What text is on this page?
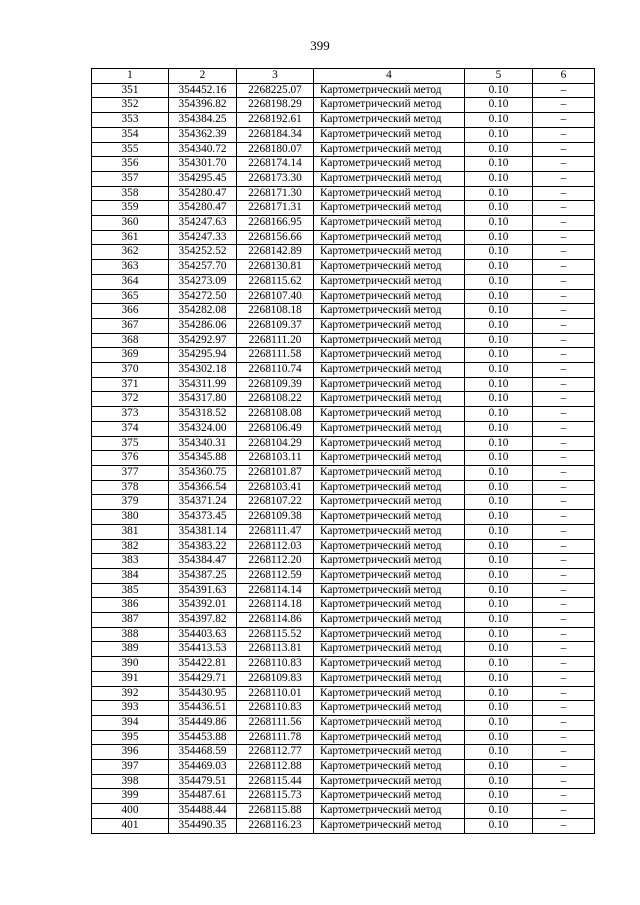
399
1	2	3	4	5	6
351	354452.16	2268225.07	Картометрический метод	0.10	–
352	354396.82	2268198.29	Картометрический метод	0.10	–
353	354384.25	2268192.61	Картометрический метод	0.10	–
354	354362.39	2268184.34	Картометрический метод	0.10	–
355	354340.72	2268180.07	Картометрический метод	0.10	–
356	354301.70	2268174.14	Картометрический метод	0.10	–
357	354295.45	2268173.30	Картометрический метод	0.10	–
358	354280.47	2268171.30	Картометрический метод	0.10	–
359	354280.47	2268171.31	Картометрический метод	0.10	–
360	354247.63	2268166.95	Картометрический метод	0.10	–
361	354247.33	2268156.66	Картометрический метод	0.10	–
362	354252.52	2268142.89	Картометрический метод	0.10	–
363	354257.70	2268130.81	Картометрический метод	0.10	–
364	354273.09	2268115.62	Картометрический метод	0.10	–
365	354272.50	2268107.40	Картометрический метод	0.10	–
366	354282.08	2268108.18	Картометрический метод	0.10	–
367	354286.06	2268109.37	Картометрический метод	0.10	–
368	354292.97	2268111.20	Картометрический метод	0.10	–
369	354295.94	2268111.58	Картометрический метод	0.10	–
370	354302.18	2268110.74	Картометрический метод	0.10	–
371	354311.99	2268109.39	Картометрический метод	0.10	–
372	354317.80	2268108.22	Картометрический метод	0.10	–
373	354318.52	2268108.08	Картометрический метод	0.10	–
374	354324.00	2268106.49	Картометрический метод	0.10	–
375	354340.31	2268104.29	Картометрический метод	0.10	–
376	354345.88	2268103.11	Картометрический метод	0.10	–
377	354360.75	2268101.87	Картометрический метод	0.10	–
378	354366.54	2268103.41	Картометрический метод	0.10	–
379	354371.24	2268107.22	Картометрический метод	0.10	–
380	354373.45	2268109.38	Картометрический метод	0.10	–
381	354381.14	2268111.47	Картометрический метод	0.10	–
382	354383.22	2268112.03	Картометрический метод	0.10	–
383	354384.47	2268112.20	Картометрический метод	0.10	–
384	354387.25	2268112.59	Картометрический метод	0.10	–
385	354391.63	2268114.14	Картометрический метод	0.10	–
386	354392.01	2268114.18	Картометрический метод	0.10	–
387	354397.82	2268114.86	Картометрический метод	0.10	–
388	354403.63	2268115.52	Картометрический метод	0.10	–
389	354413.53	2268113.81	Картометрический метод	0.10	–
390	354422.81	2268110.83	Картометрический метод	0.10	–
391	354429.71	2268109.83	Картометрический метод	0.10	–
392	354430.95	2268110.01	Картометрический метод	0.10	–
393	354436.51	2268110.83	Картометрический метод	0.10	–
394	354449.86	2268111.56	Картометрический метод	0.10	–
395	354453.88	2268111.78	Картометрический метод	0.10	–
396	354468.59	2268112.77	Картометрический метод	0.10	–
397	354469.03	2268112.88	Картометрический метод	0.10	–
398	354479.51	2268115.44	Картометрический метод	0.10	–
399	354487.61	2268115.73	Картометрический метод	0.10	–
400	354488.44	2268115.88	Картометрический метод	0.10	–
401	354490.35	2268116.23	Картометрический метод	0.10	–
